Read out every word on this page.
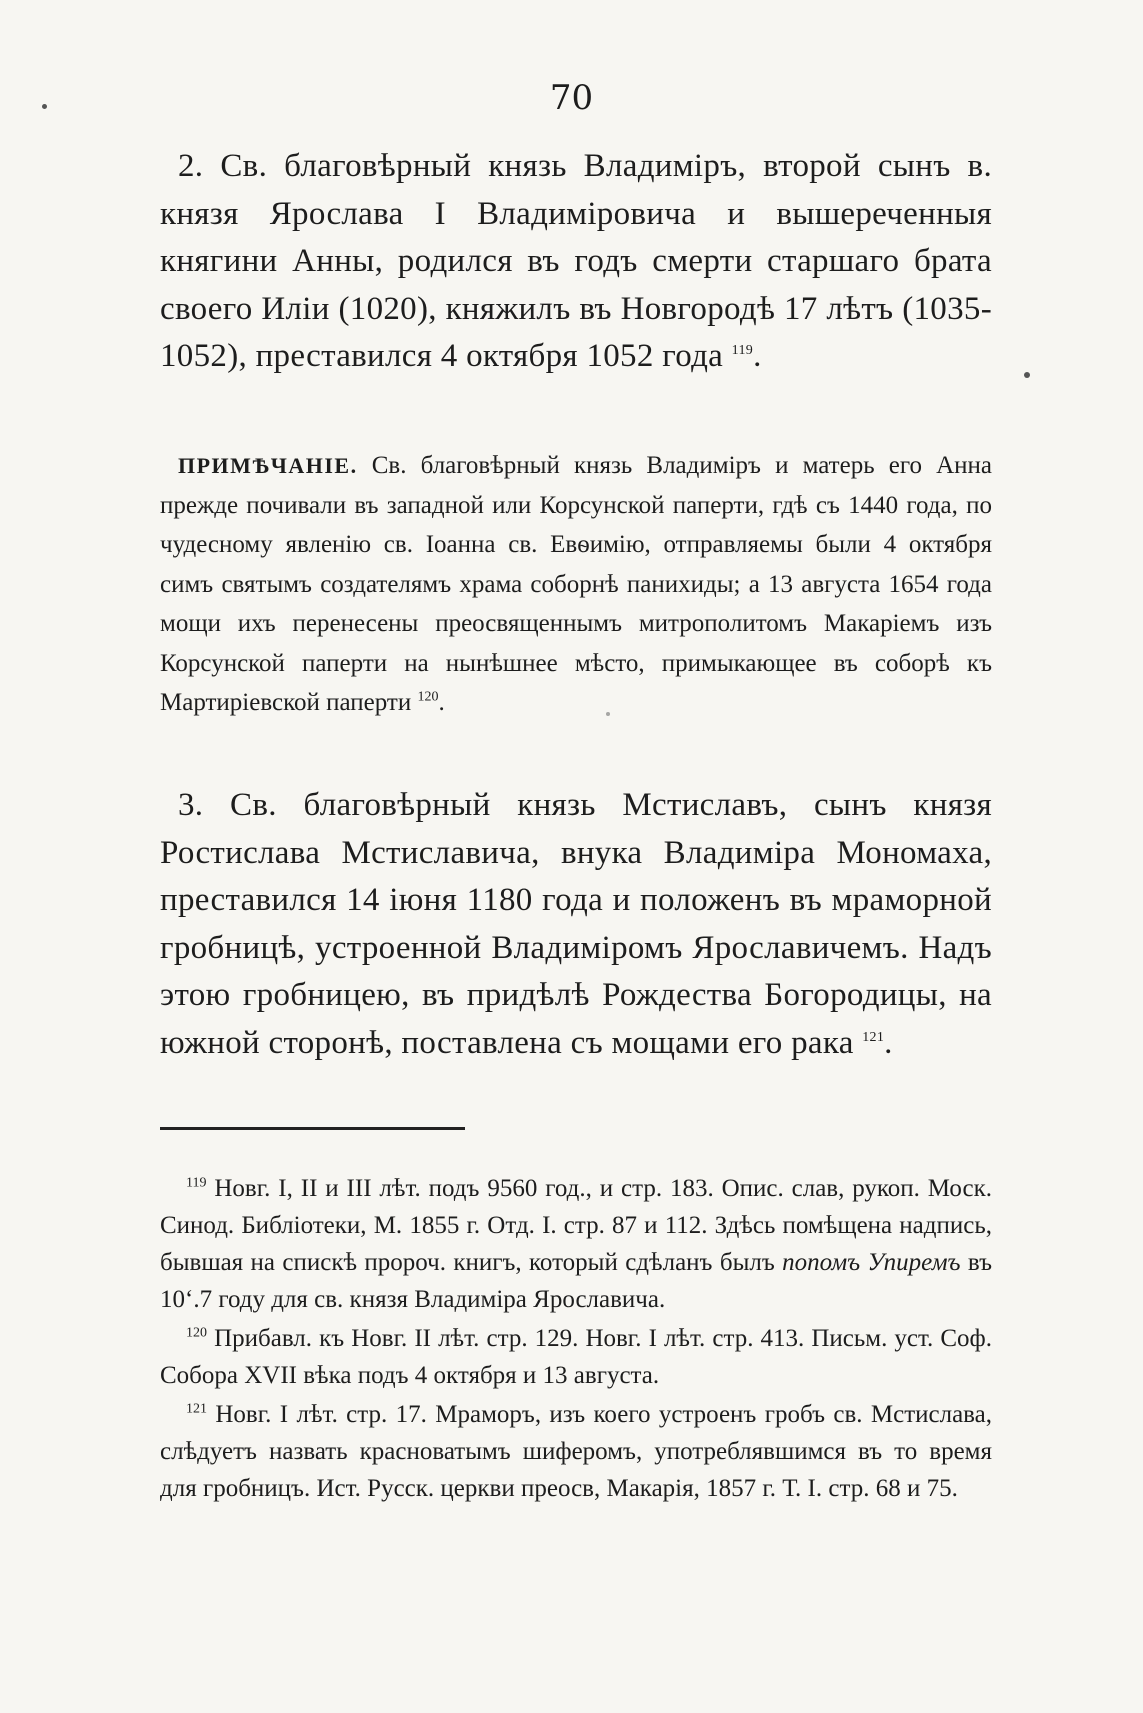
70

2. Св. благовѣрный князь Владиміръ, второй сынъ в. князя Ярослава I Владиміровича и вышереченныя княгини Анны, родился въ годъ смерти старшаго брата своего Иліи (1020), княжилъ въ Новгородѣ 17 лѣтъ (1035-1052), преставился 4 октября 1052 года $^{119}$.

ПРИМѢЧАНІЕ. Св. благовѣрный князь Владиміръ и матерь его Анна прежде почивали въ западной или Корсунской паперти, гдѣ съ 1440 года, по чудесному явленію св. Іоанна св. Евѳимію, отправляемы были 4 октября симъ святымъ создателямъ храма соборнѣ панихиды; а 13 августа 1654 года мощи ихъ перенесены преосвященнымъ митрополитомъ Макаріемъ изъ Корсунской паперти на нынѣшнее мѣсто, примыкающее въ соборѣ къ Мартиріевской паперти $^{120}$.

3. Св. благовѣрный князь Мстиславъ, сынъ князя Ростислава Мстиславича, внука Владиміра Мономаха, преставился 14 іюня 1180 года и положенъ въ мраморной гробницѣ, устроенной Владиміромъ Ярославичемъ. Надъ этою гробницею, въ придѣлѣ Рождества Богородицы, на южной сторонѣ, поставлена съ мощами его рака $^{121}$.

$^{119}$ Новг. I, II и III лѣт. подъ 9560 год., и стр. 183. Опис. слав, рукоп. Моск. Синод. Библіотеки, М. 1855 г. Отд. I. стр. 87 и 112. Здѣсь помѣщена надпись, бывшая на спискѣ пророч. книгъ, который сдѣланъ былъ попомъ Упиремъ въ 10‘.7 году для св. князя Владиміра Ярославича.

$^{120}$ Прибавл. къ Новг. II лѣт. стр. 129. Новг. I лѣт. стр. 413. Письм. уст. Соф. Собора XVII вѣка подъ 4 октября и 13 августа.

$^{121}$ Новг. I лѣт. стр. 17. Мраморъ, изъ коего устроенъ гробъ св. Мстислава, слѣдуетъ назвать красноватымъ шиферомъ, употреблявшимся въ то время для гробницъ. Ист. Русск. церкви преосв, Макарія, 1857 г. Т. I. стр. 68 и 75.
